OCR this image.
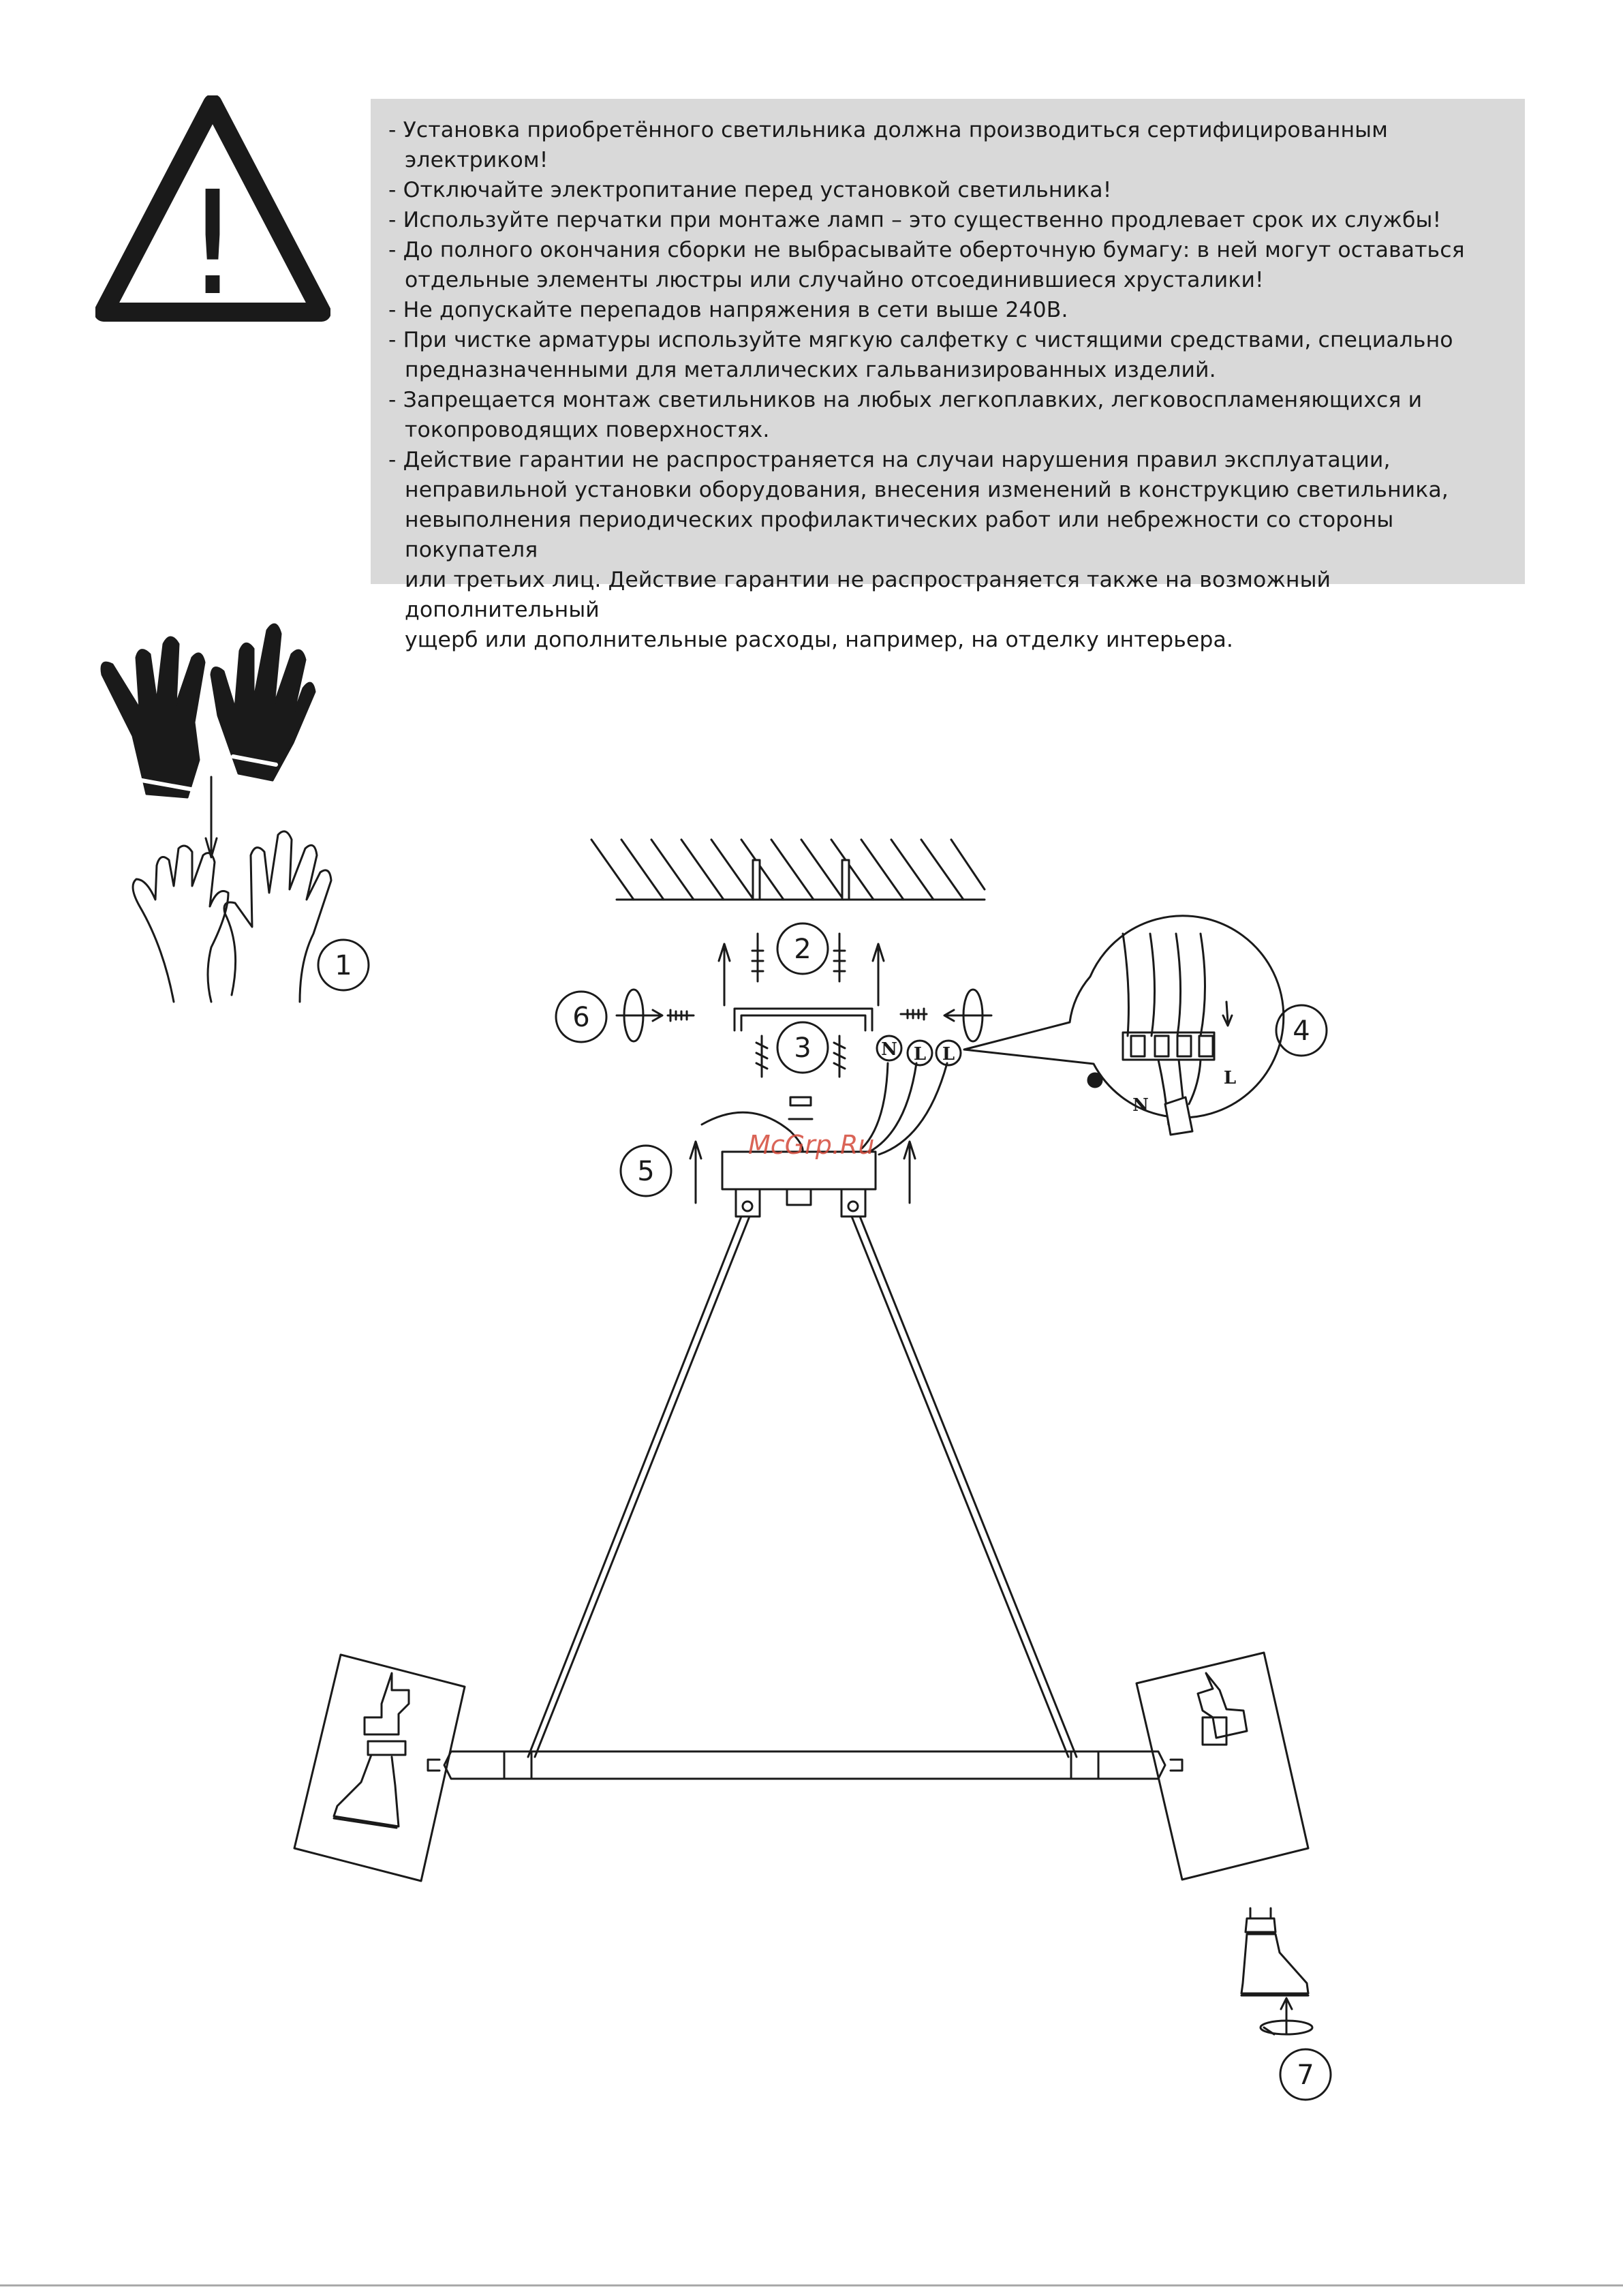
!
- Установка приобретённого светильника должна производиться сертифицированным электриком!
- Отключайте электропитание перед установкой светильника!
- Используйте перчатки при монтаже ламп – это существенно продлевает срок их службы!
- До полного окончания сборки не выбрасывайте оберточную бумагу: в ней могут оставаться
отдельные элементы люстры или случайно отсоединившиеся хрусталики!
- Не допускайте перепадов напряжения в сети выше 240В.
- При чистке арматуры используйте мягкую салфетку с чистящими средствами, специально
предназначенными для металлических гальванизированных изделий.
- Запрещается монтаж светильников на любых легкоплавких, легковоспламеняющихся и
токопроводящих поверхностях.
- Действие гарантии не распространяется на случаи нарушения правил эксплуатации,
неправильной установки оборудования, внесения изменений в конструкцию светильника,
невыполнения периодических профилактических работ или небрежности со стороны покупателя
или третьих лиц. Действие гарантии не распространяется также на возможный дополнительный
ущерб или дополнительные расходы, например, на отделку интерьера.
N L L
N
L
1
2
3
4
5
6
7
McGrp.Ru
